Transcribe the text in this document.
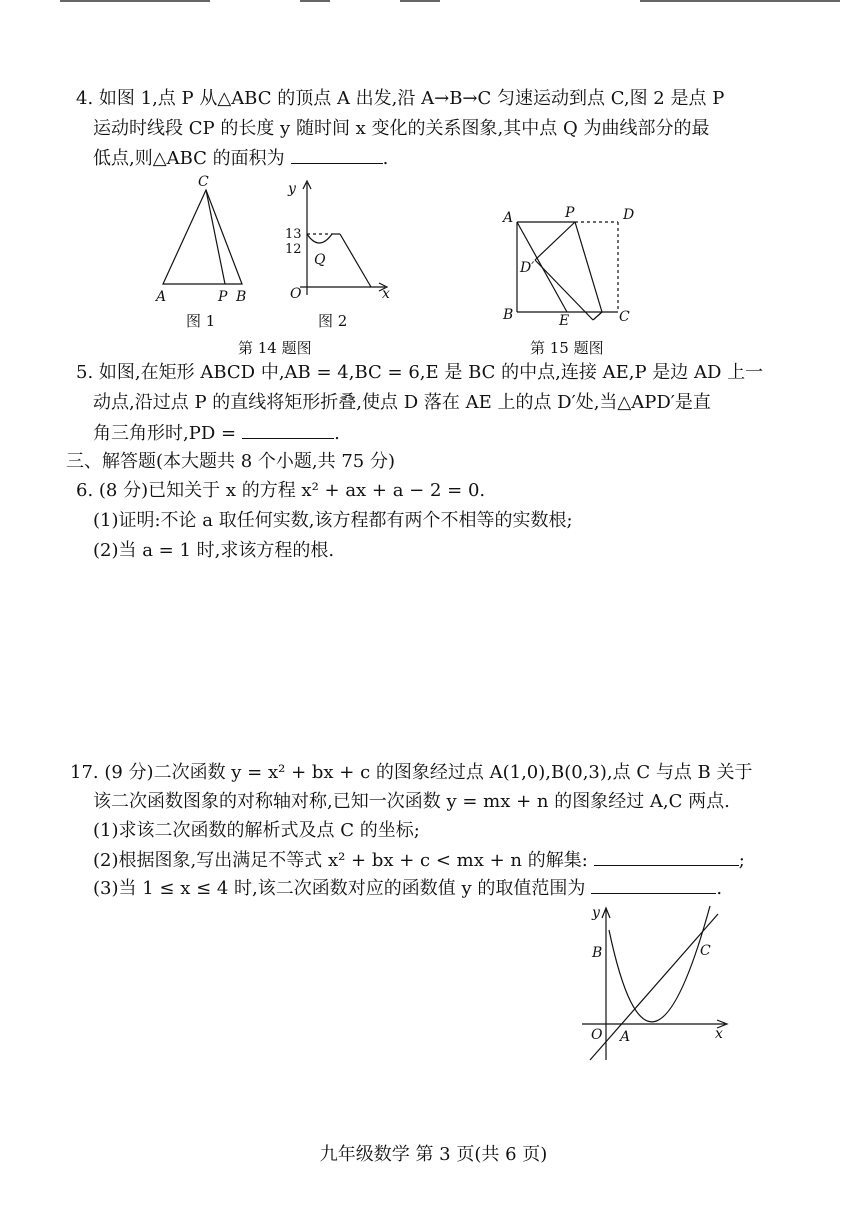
4. 如图 1,点 P 从△ABC 的顶点 A 出发,沿 A→B→C 匀速运动到点 C,图 2 是点 P
运动时线段 CP 的长度 y 随时间 x 变化的关系图象,其中点 Q 为曲线部分的最
低点,则△ABC 的面积为	.
C
A	P B
图 1
y
x
O
13
12
Q
图 2
第 14 题图
A	P	D
D′
B	E	C
第 15 题图
5. 如图,在矩形 ABCD 中,AB = 4,BC = 6,E 是 BC 的中点,连接 AE,P 是边 AD 上一
动点,沿过点 P 的直线将矩形折叠,使点 D 落在 AE 上的点 D′处,当△APD′是直
角三角形时,PD =	.
三、解答题(本大题共 8 个小题,共 75 分)
6. (8 分)已知关于 x 的方程 x² + ax + a − 2 = 0.
(1)证明:不论 a 取任何实数,该方程都有两个不相等的实数根;
(2)当 a = 1 时,求该方程的根.
17. (9 分)二次函数 y = x² + bx + c 的图象经过点 A(1,0),B(0,3),点 C 与点 B 关于
该二次函数图象的对称轴对称,已知一次函数 y = mx + n 的图象经过 A,C 两点.
(1)求该二次函数的解析式及点 C 的坐标;
(2)根据图象,写出满足不等式 x² + bx + c < mx + n 的解集:	;
(3)当 1 ≤ x ≤ 4 时,该二次函数对应的函数值 y 的取值范围为	.
y
x
O A
B	C
九年级数学 第 3 页(共 6 页)
